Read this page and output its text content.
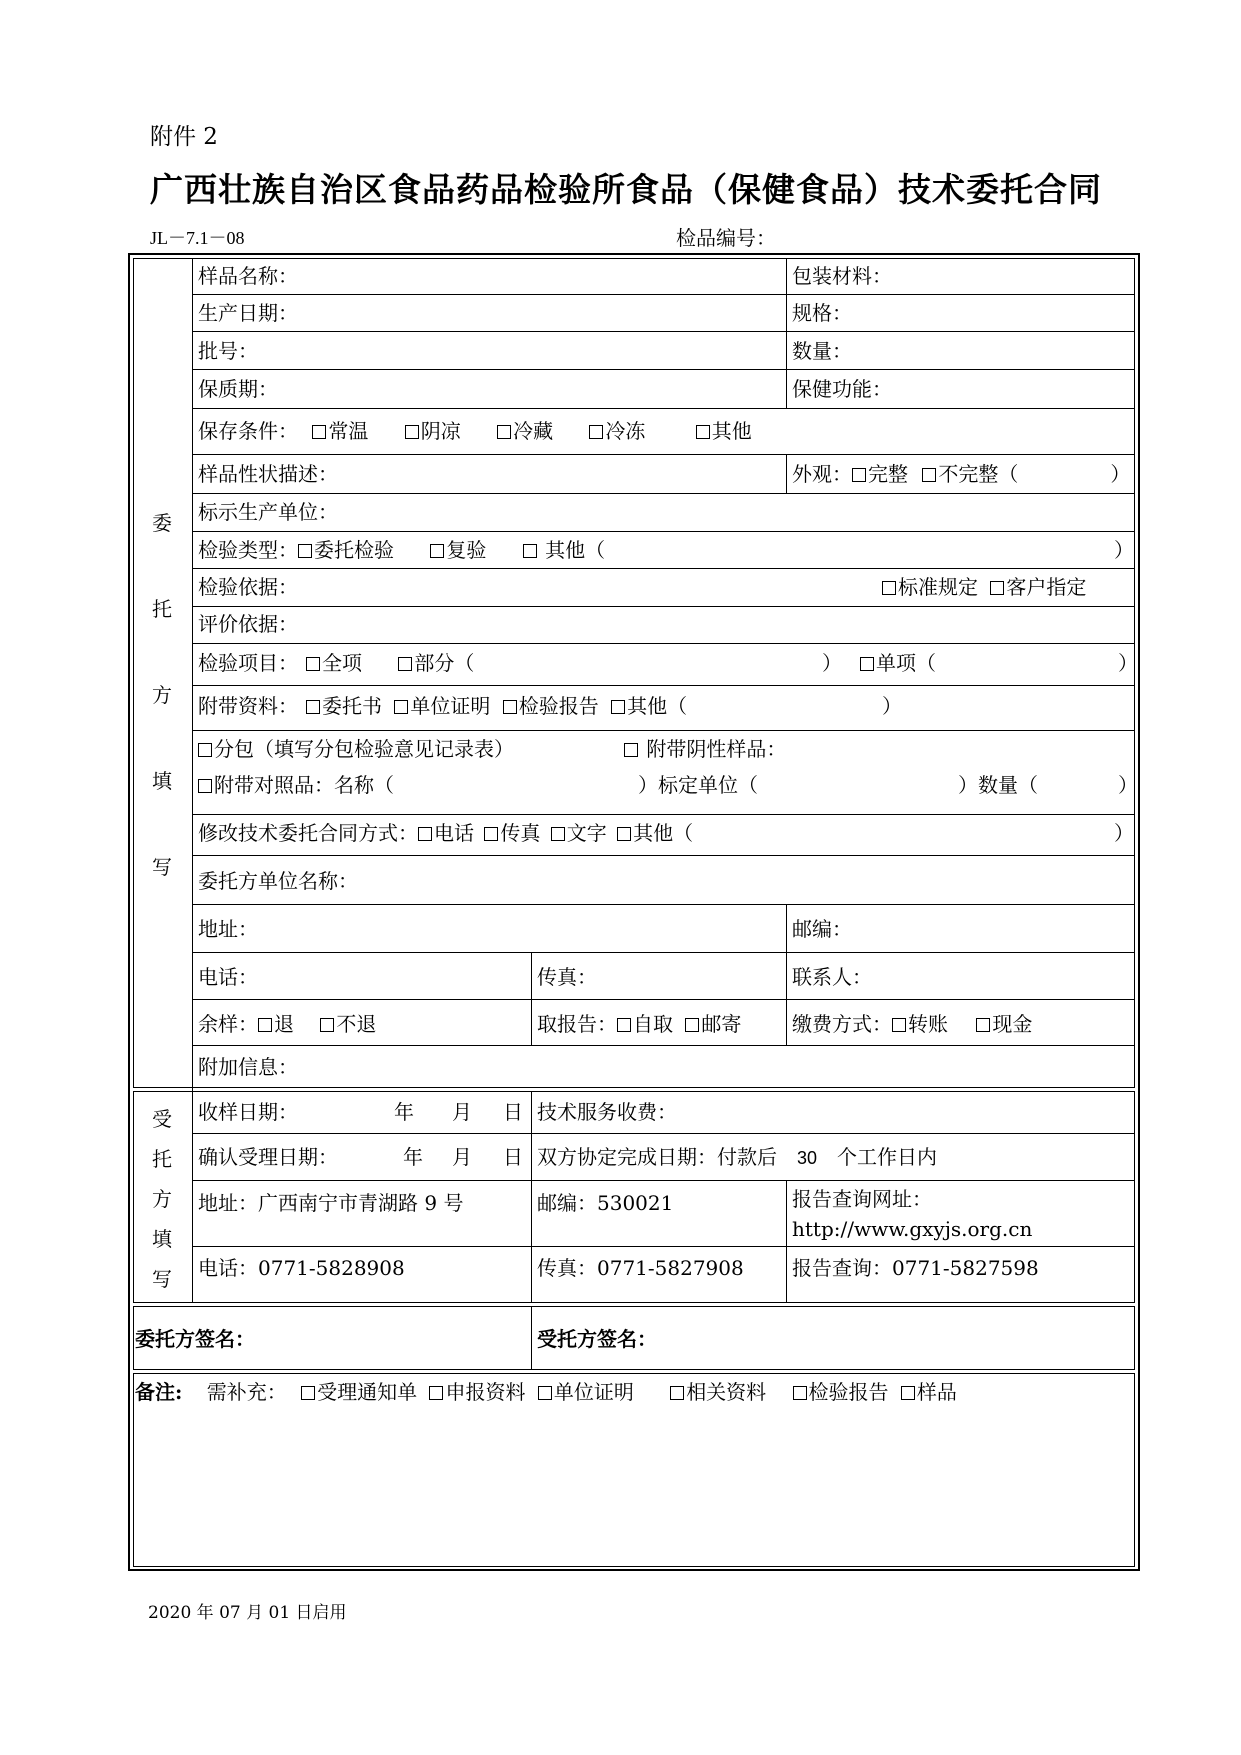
附件 2
广西壮族自治区食品药品检验所食品（保健食品）技术委托合同
JL－7.1－08	检品编号：
委
托
方
填
写
受
托
方
填
写
样品名称：	包装材料：
生产日期：	规格：
批号：	数量：
保质期：	保健功能：
保存条件： 常温	阴凉	冷藏	冷冻	其他
样品性状描述：	外观： 完整 不完整（	）
标示生产单位：
检验类型： 委托检验	复验	其他（	）
检验依据：	标准规定 客户指定
评价依据：
检验项目： 全项	部分（	）	单项（	）
附带资料： 委托书 单位证明 检验报告 其他（	）
分包（填写分包检验意见记录表）	附带阴性样品：
附带对照品：名称（	）标定单位（	）数量（	）
修改技术委托合同方式： 电话 传真 文字 其他（	）
委托方单位名称：
地址：	邮编：
电话：	传真：	联系人：
余样： 退 不退	取报告： 自取 邮寄	缴费方式： 转账 现金
附加信息：
收样日期：	年 月 日 技术服务收费：
确认受理日期：	年 月 日 双方协定完成日期：付款后 30 个工作日内
地址：广西南宁市青湖路 9 号	邮编：530021	报告查询网址：
http://www.gxyjs.org.cn
电话：0771-5828908	传真：0771-5827908 报告查询：0771-5827598
委托方签名：	受托方签名：
备注: 需补充： 受理通知单 申报资料 单位证明	相关资料 检验报告 样品
2020 年 07 月 01 日启用
